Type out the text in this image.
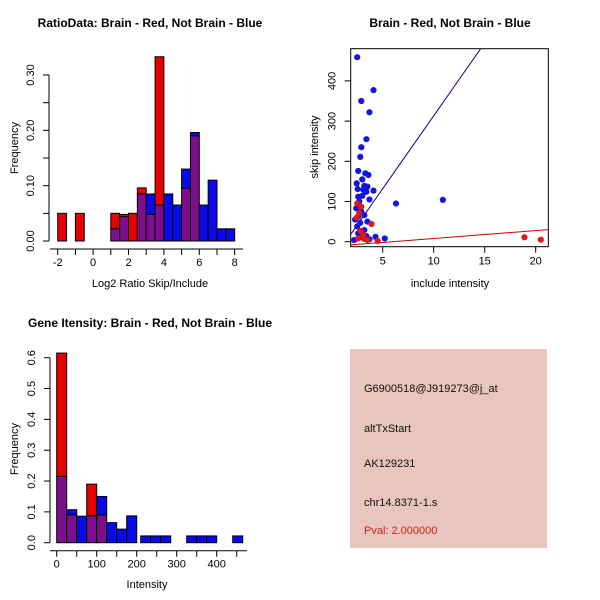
-2 0	2	4	6	8
0.00
0.10
0.20
0.30
5	10	15	20
0
100
200
300
400
0	100 200 300 400
0.0
0.1
0.2
0.3
0.4
0.5
0.6
RatioData: Brain - Red, Not Brain - Blue	Brain - Red, Not Brain - Blue
Gene Itensity: Brain - Red, Not Brain - Blue
Log2 Ratio Skip/Include	include intensity
Intensity
Frequency	skip intensity
Frequency
G6900518@J919273@j_at
altTxStart
AK129231
chr14.8371-1.s
Pval: 2.000000
